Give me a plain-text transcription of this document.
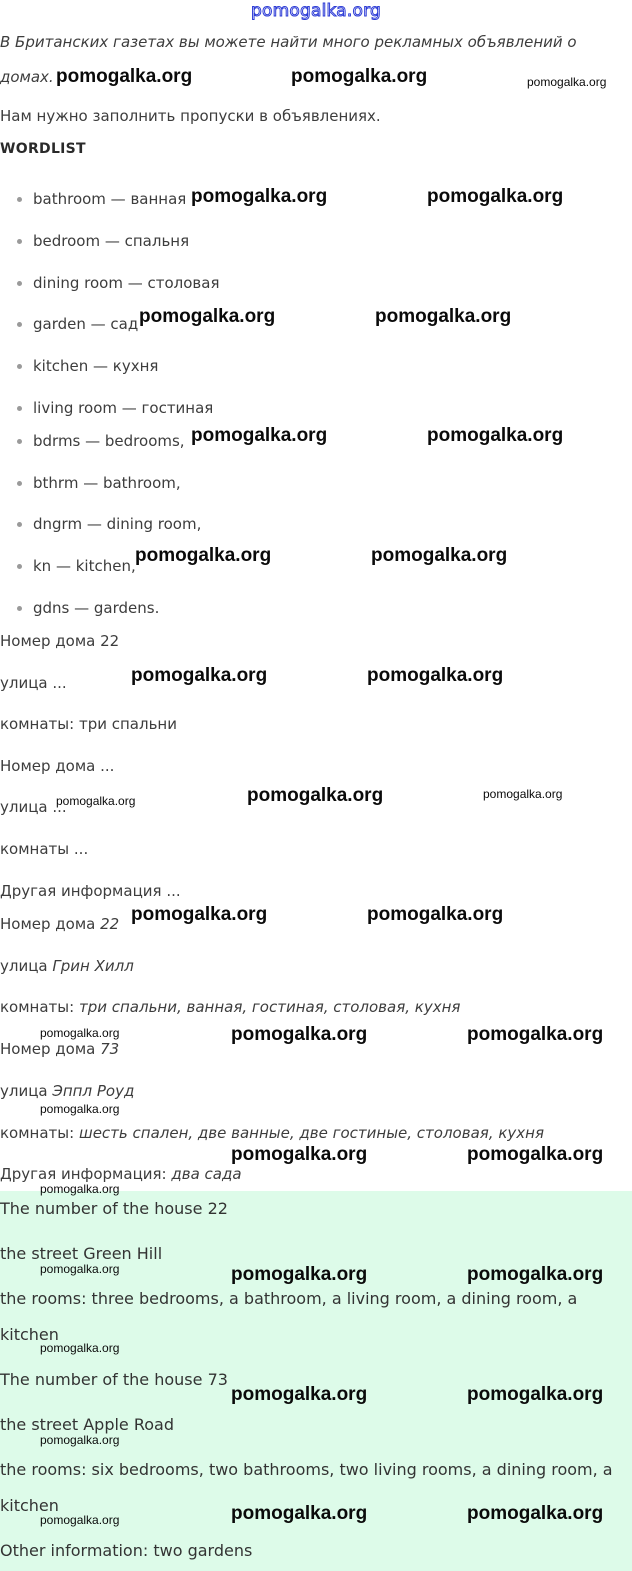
pomogalka.org
В Британских газетах вы можете найти много рекламных объявлений о
домах.
Нам нужно заполнить пропуски в объявлениях.
WORDLIST
bathroom — ванная
bedroom — спальня
dining room — столовая
garden — сад
kitchen — кухня
living room — гостиная
bdrms — bedrooms,
bthrm — bathroom,
dngrm — dining room,
kn — kitchen,
gdns — gardens.
Номер дома 22
улица ...
комнаты: три спальни
Номер дома ...
улица ...
комнаты ...
Другая информация ...
Номер дома 22
улица Грин Хилл
комнаты: три спальни, ванная, гостиная, столовая, кухня
Номер дома 73
улица Эппл Роуд
комнаты: шесть спален, две ванные, две гостиные, столовая, кухня
Другая информация: два сада
The number of the house 22
the street Green Hill
the rooms: three bedrooms, a bathroom, a living room, a dining room, a
kitchen
The number of the house 73
the street Apple Road
the rooms: six bedrooms, two bathrooms, two living rooms, a dining room, a
kitchen
Other information: two gardens
pomogalka.org	pomogalka.org	pomogalka.org
pomogalka.org	pomogalka.org
pomogalka.org	pomogalka.org
pomogalka.org	pomogalka.org
pomogalka.org	pomogalka.org
pomogalka.org	pomogalka.org
pomogalka.org	pomogalka.org	pomogalka.org
pomogalka.org	pomogalka.org
pomogalka.org	pomogalka.org	pomogalka.org
pomogalka.org
pomogalka.org	pomogalka.org
pomogalka.org
pomogalka.org	pomogalka.org	pomogalka.org
pomogalka.org
pomogalka.org	pomogalka.org
pomogalka.org
pomogalka.org	pomogalka.org	pomogalka.org
